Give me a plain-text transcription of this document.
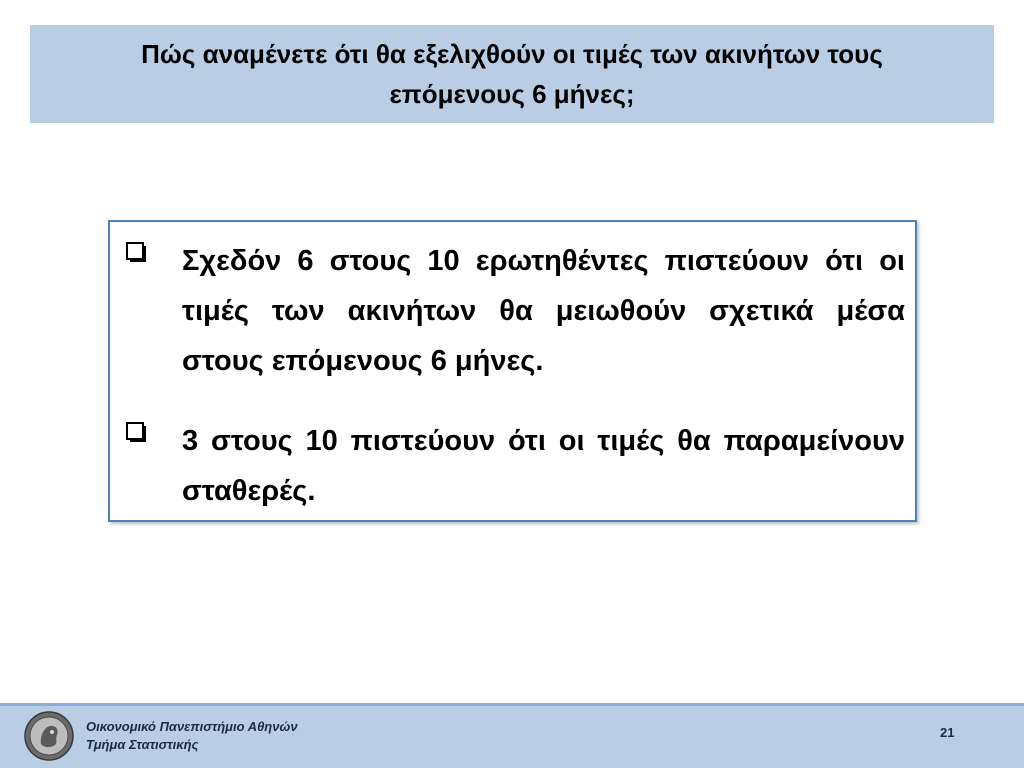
Πώς αναμένετε ότι θα εξελιχθούν οι τιμές των ακινήτων τους επόμενους 6 μήνες;

Σχεδόν 6 στους 10 ερωτηθέντες πιστεύουν ότι οι τιμές των ακινήτων θα μειωθούν σχετικά μέσα στους επόμενους 6 μήνες.

3 στους 10 πιστεύουν ότι οι τιμές θα παραμείνουν σταθερές.

Οικονομικό Πανεπιστήμιο Αθηνών
Τμήμα Στατιστικής
21
